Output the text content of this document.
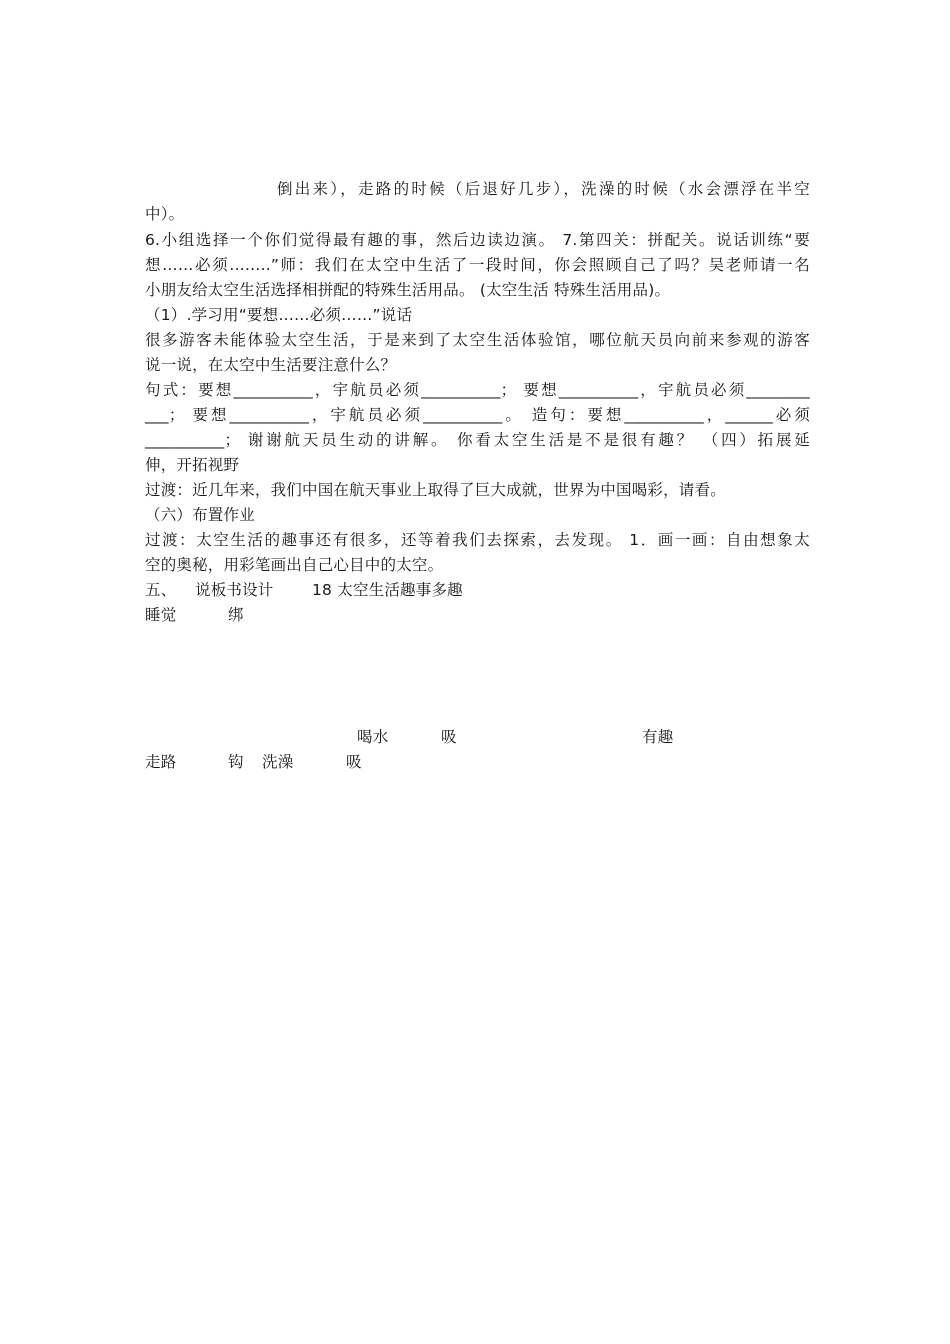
倒出来），走路的时候（后退好几步），洗澡的时候（水会漂浮在半空
中）。
6.小组选择一个你们觉得最有趣的事，然后边读边演。 7.第四关：拼配关。说话训练“要
想……必须……..”师：我们在太空中生活了一段时间，你会照顾自己了吗？吴老师请一名
小朋友给太空生活选择相拼配的特殊生活用品。 (太空生活 特殊生活用品)。
（1）.学习用“要想……必须……”说话
很多游客未能体验太空生活，于是来到了太空生活体验馆，哪位航天员向前来参观的游客
说一说，在太空中生活要注意什么？
句式：要想__________，宇航员必须__________； 要想__________，宇航员必须________
___； 要想__________，宇航员必须__________。 造句：要想__________，______必须
__________； 谢谢航天员生动的讲解。 你看太空生活是不是很有趣？ （四）拓展延
伸，开拓视野
过渡：近几年来，我们中国在航天事业上取得了巨大成就，世界为中国喝彩，请看。
（六）布置作业
过渡：太空生活的趣事还有很多，还等着我们去探索，去发现。 1．画一画：自由想象太
空的奥秘，用彩笔画出自己心目中的太空。
五、 说板书设计 18 太空生活趣事多趣
睡觉	绑
喝水	吸	有趣
走路	钩 洗澡	吸
